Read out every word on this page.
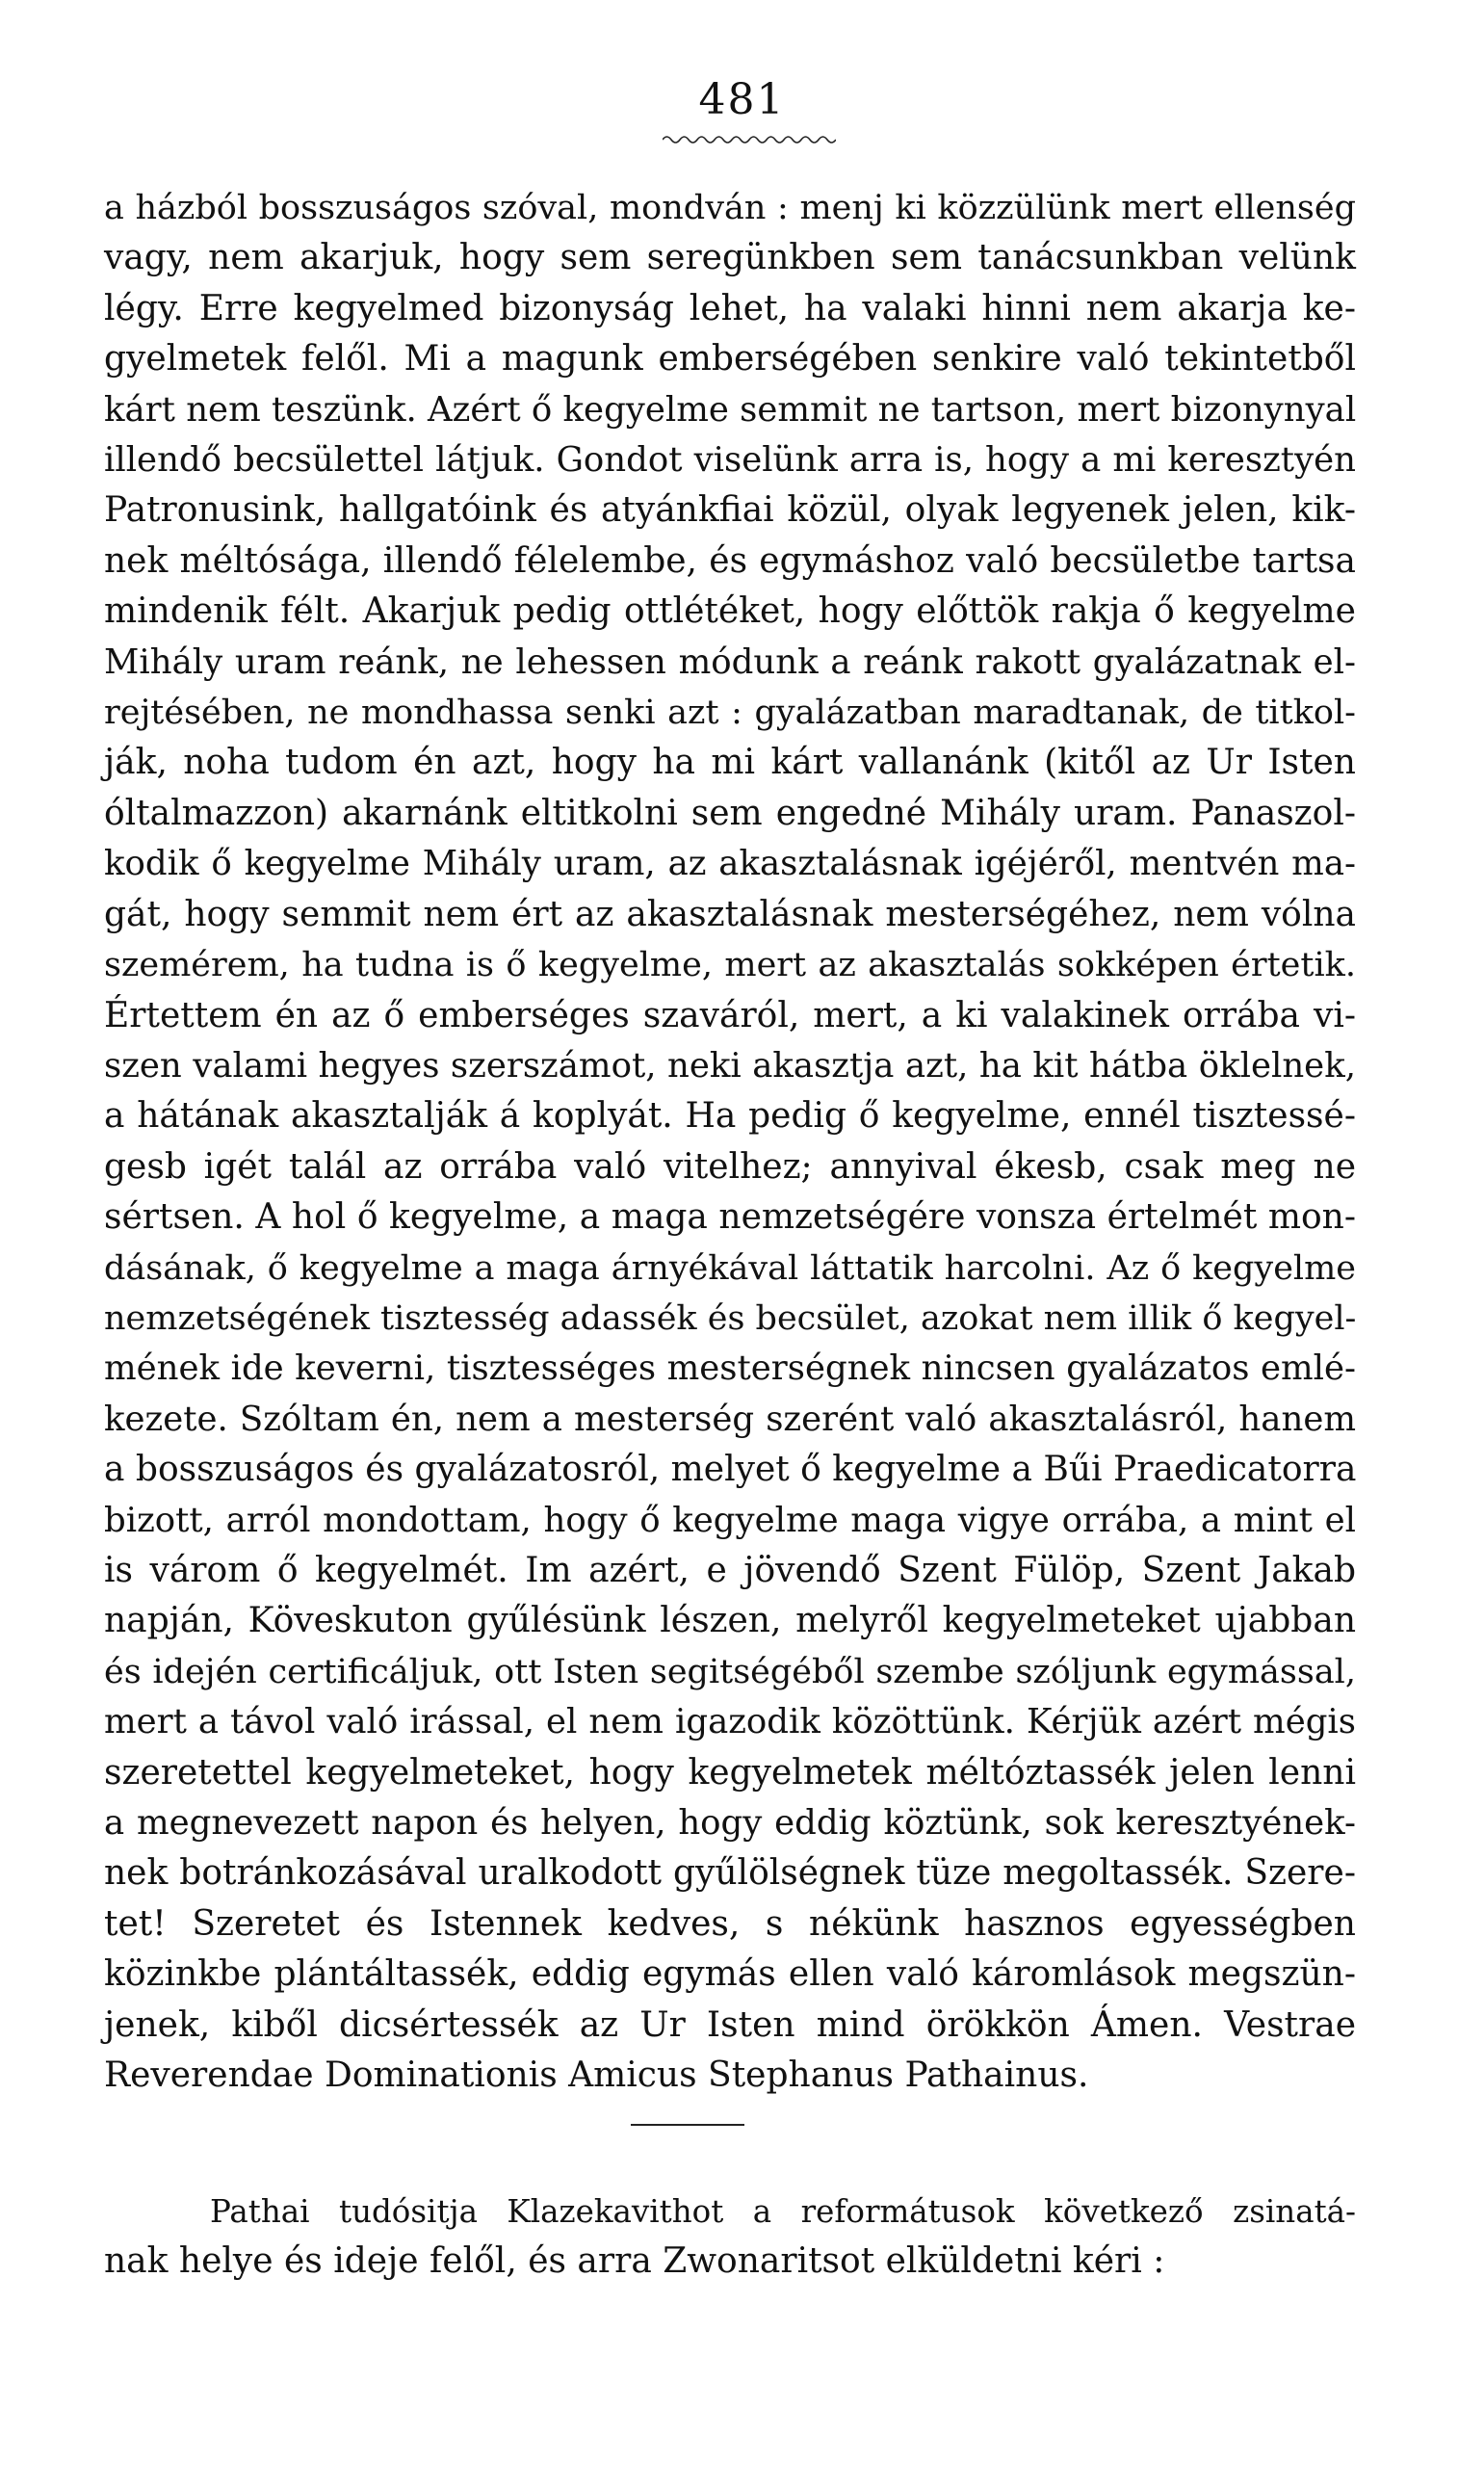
481
a házból bosszuságos szóval, mondván : menj ki közzülünk mert ellenség
vagy, nem akarjuk, hogy sem seregünkben sem tanácsunkban velünk
légy. Erre kegyelmed bizonyság lehet, ha valaki hinni nem akarja ke-
gyelmetek felől. Mi a magunk emberségében senkire való tekintetből
kárt nem teszünk. Azért ő kegyelme semmit ne tartson, mert bizonynyal
illendő becsülettel látjuk. Gondot viselünk arra is, hogy a mi keresztyén
Patronusink, hallgatóink és atyánkfiai közül, olyak legyenek jelen, kik-
nek méltósága, illendő félelembe, és egymáshoz való becsületbe tartsa
mindenik félt. Akarjuk pedig ottlétéket, hogy előttök rakja ő kegyelme
Mihály uram reánk, ne lehessen módunk a reánk rakott gyalázatnak el-
rejtésében, ne mondhassa senki azt : gyalázatban maradtanak, de titkol-
ják, noha tudom én azt, hogy ha mi kárt vallanánk (kitől az Ur Isten
óltalmazzon) akarnánk eltitkolni sem engedné Mihály uram. Panaszol-
kodik ő kegyelme Mihály uram, az akasztalásnak igéjéről, mentvén ma-
gát, hogy semmit nem ért az akasztalásnak mesterségéhez, nem vólna
szemérem, ha tudna is ő kegyelme, mert az akasztalás sokképen értetik.
Értettem én az ő emberséges szaváról, mert, a ki valakinek orrába vi-
szen valami hegyes szerszámot, neki akasztja azt, ha kit hátba öklelnek,
a hátának akasztalják á koplyát. Ha pedig ő kegyelme, ennél tisztessé-
gesb igét talál az orrába való vitelhez; annyival ékesb, csak meg ne
sértsen. A hol ő kegyelme, a maga nemzetségére vonsza értelmét mon-
dásának, ő kegyelme a maga árnyékával láttatik harcolni. Az ő kegyelme
nemzetségének tisztesség adassék és becsület, azokat nem illik ő kegyel-
mének ide keverni, tisztességes mesterségnek nincsen gyalázatos emlé-
kezete. Szóltam én, nem a mesterség szerént való akasztalásról, hanem
a bosszuságos és gyalázatosról, melyet ő kegyelme a Bűi Praedicatorra
bizott, arról mondottam, hogy ő kegyelme maga vigye orrába, a mint el
is várom ő kegyelmét. Im azért, e jövendő Szent Fülöp, Szent Jakab
napján, Köveskuton gyűlésünk lészen, melyről kegyelmeteket ujabban
és idején certificáljuk, ott Isten segitségéből szembe szóljunk egymással,
mert a távol való irással, el nem igazodik közöttünk. Kérjük azért mégis
szeretettel kegyelmeteket, hogy kegyelmetek méltóztassék jelen lenni
a megnevezett napon és helyen, hogy eddig köztünk, sok keresztyének-
nek botránkozásával uralkodott gyűlölségnek tüze megoltassék. Szere-
tet! Szeretet és Istennek kedves, s nékünk hasznos egyességben
közinkbe plántáltassék, eddig egymás ellen való káromlások megszün-
jenek, kiből dicsértessék az Ur Isten mind örökkön Ámen. Vestrae
Reverendae Dominationis Amicus Stephanus Pathainus.
Pathai tudósitja Klazekavithot a reformátusok következő zsinatá-
nak helye és ideje felől, és arra Zwonaritsot elküldetni kéri :
